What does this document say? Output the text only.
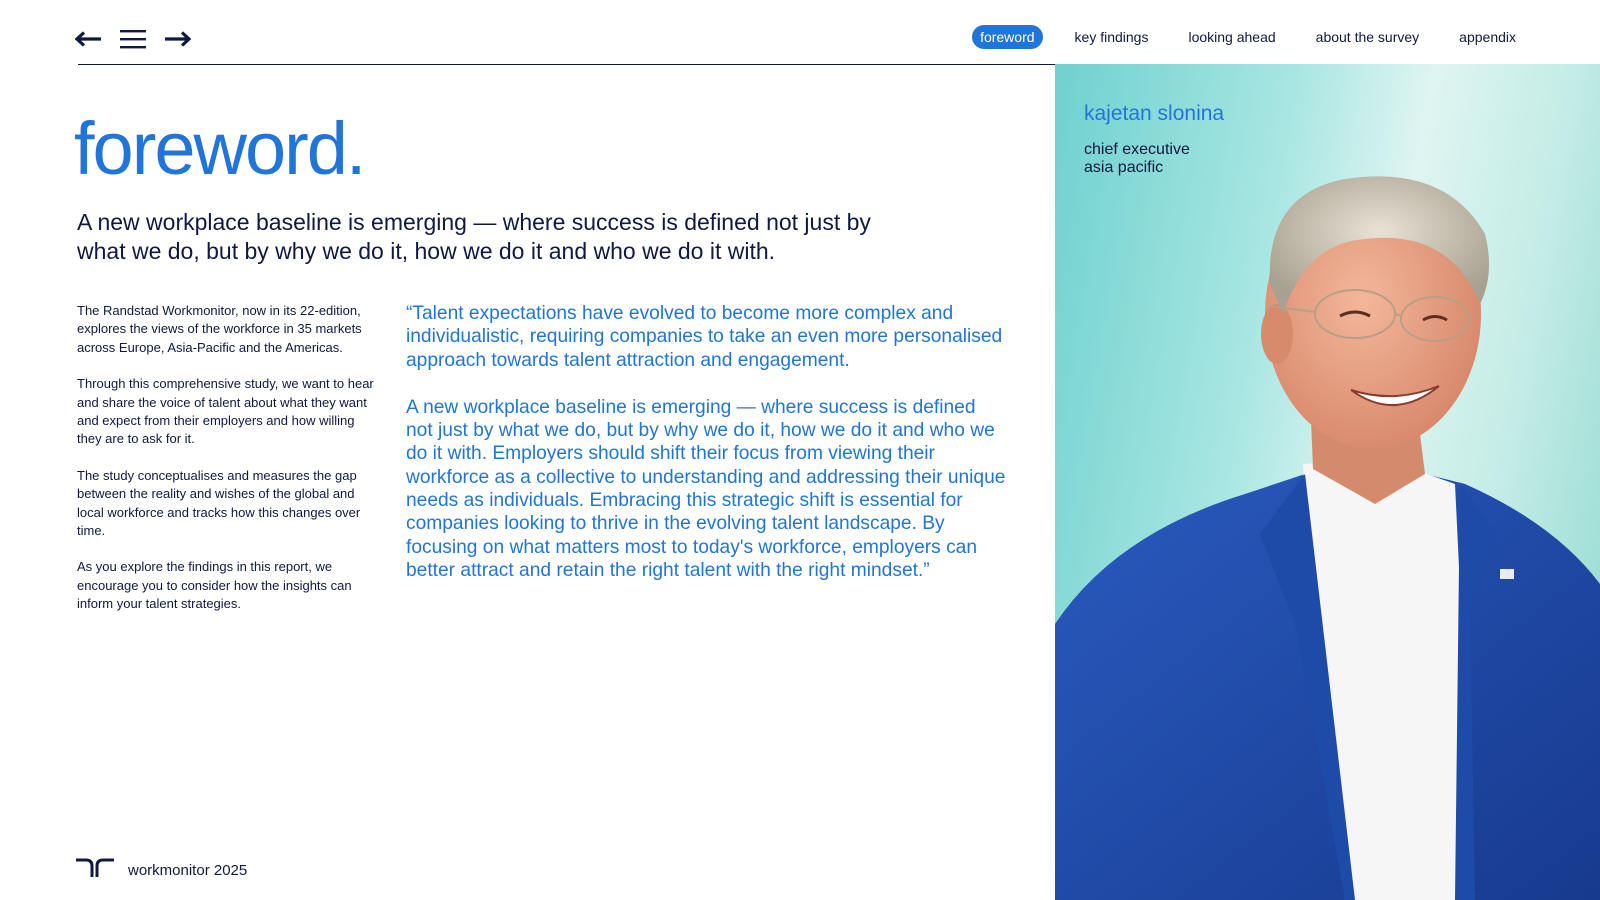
foreword	key findings	looking ahead	about the survey	appendix
foreword.

A new workplace baseline is emerging — where success is defined not just by what we do, but by why we do it, how we do it and who we do it with.

The Randstad Workmonitor, now in its 22-edition, explores the views of the workforce in 35 markets across Europe, Asia-Pacific and the Americas.

Through this comprehensive study, we want to hear and share the voice of talent about what they want and expect from their employers and how willing they are to ask for it.

The study conceptualises and measures the gap between the reality and wishes of the global and local workforce and tracks how this changes over time.

As you explore the findings in this report, we encourage you to consider how the insights can inform your talent strategies.

“Talent expectations have evolved to become more complex and individualistic, requiring companies to take an even more personalised approach towards talent attraction and engagement.

A new workplace baseline is emerging — where success is defined not just by what we do, but by why we do it, how we do it and who we do it with. Employers should shift their focus from viewing their workforce as a collective to understanding and addressing their unique needs as individuals. Embracing this strategic shift is essential for companies looking to thrive in the evolving talent landscape. By focusing on what matters most to today's workforce, employers can better attract and retain the right talent with the right mindset.”

workmonitor 2025
kajetan slonina
chief executive
asia pacific
